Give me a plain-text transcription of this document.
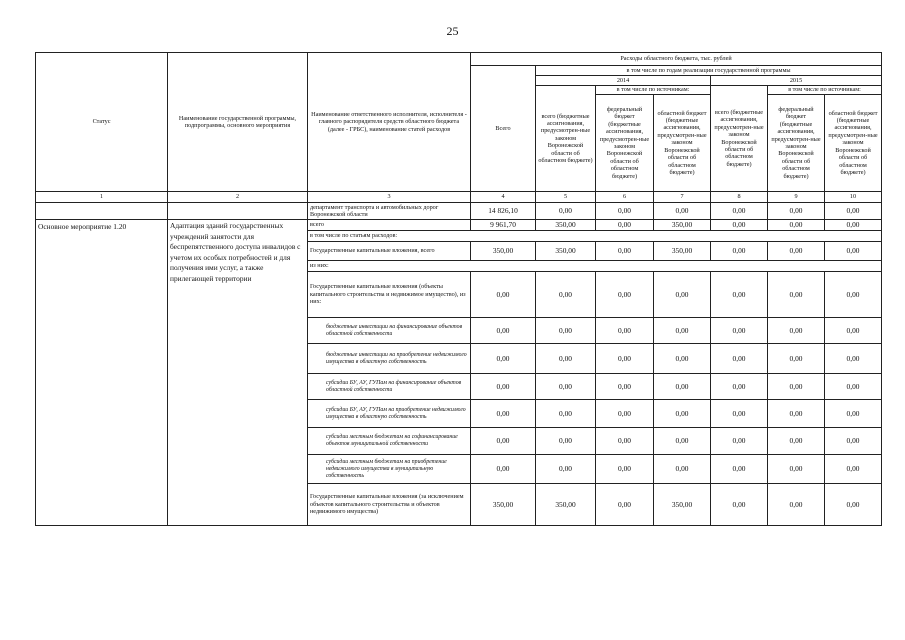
25
Статус	Наименование государственной программы, подпрограммы, основного мероприятия	Наименование ответственного исполнителя, исполнителя - главного распорядителя средств областного бюджета (далее - ГРБС), наименование статей расходов	Расходы областного бюджета, тыс. рублей						
			Всего	в том числе по годам реализации государственной программы					
				2014			2015		
				всего (бюджетные ассигнования, предусмотрен-ные законом Воронежской области об областном бюджете)	в том числе по источникам:		всего (бюджетные ассигнования, предусмотрен-ные законом Воронежской области об областном бюджете)	в том числе по источникам:	
					федеральный бюджет (бюджетные ассигнования, предусмотрен-ные законом Воронежской области об областном бюджете)	областной бюджет (бюджетные ассигнования, предусмотрен-ные законом Воронежской области об областном бюджете)		федеральный бюджет (бюджетные ассигнования, предусмотрен-ные законом Воронежской области об областном бюджете)	областной бюджет (бюджетные ассигнования, предусмотрен-ные законом Воронежской области об областном бюджете)

1	2	3	4	5	6	7	8	9	10
		департамент транспорта и автомобильных дорог Воронежской области	14 826,10	0,00	0,00	0,00	0,00	0,00	0,00
Основное мероприятие 1.20	Адаптация зданий государственных учреждений занятости для беспрепятственного доступа инвалидов с учетом их особых потребностей и для получения ими услуг, а также прилегающей территории	всего	9 961,70	350,00	0,00	350,00	0,00	0,00	0,00
		в том числе по статьям расходов:							
		Государственные капитальные вложения, всего	350,00	350,00	0,00	350,00	0,00	0,00	0,00
		из них:							
		Государственные капитальные вложения (объекты капитального строительства и недвижимое имущество), из них:	0,00	0,00	0,00	0,00	0,00	0,00	0,00
		бюджетные инвестиции на финансирование объектов областной собственности	0,00	0,00	0,00	0,00	0,00	0,00	0,00
		бюджетные инвестиции на приобретение недвижимого имущества в областную собственность	0,00	0,00	0,00	0,00	0,00	0,00	0,00
		субсидии БУ, АУ, ГУПам на финансирование объектов областной собственности	0,00	0,00	0,00	0,00	0,00	0,00	0,00
		субсидии БУ, АУ, ГУПам на приобретение недвижимого имущества в областную собственность	0,00	0,00	0,00	0,00	0,00	0,00	0,00
		субсидии местным бюджетам на софинансирование объектов муниципальной собственности	0,00	0,00	0,00	0,00	0,00	0,00	0,00
		субсидии местным бюджетам на приобретение недвижимого имущества в муниципальную собственность	0,00	0,00	0,00	0,00	0,00	0,00	0,00
		Государственные капитальные вложения (за исключением объектов капитального строительства и объектов недвижимого имущества)	350,00	350,00	0,00	350,00	0,00	0,00	0,00
